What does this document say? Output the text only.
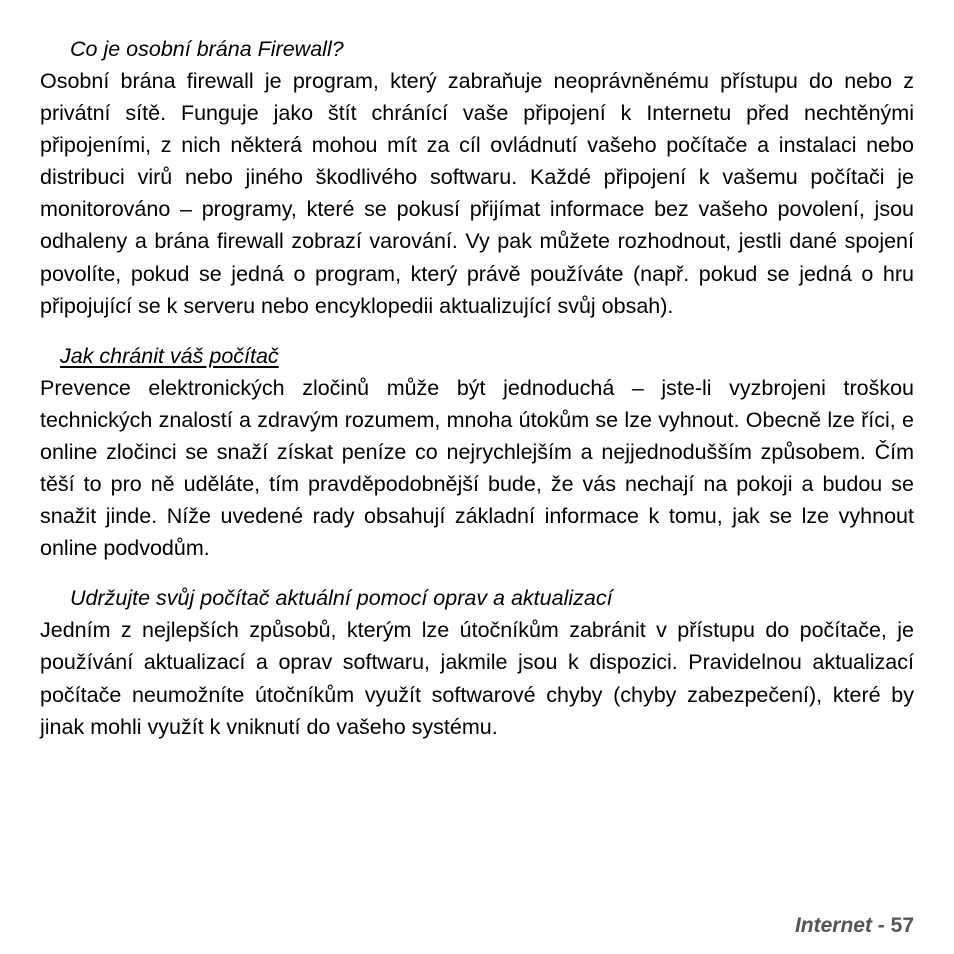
Co je osobní brána Firewall?

Osobní brána firewall je program, který zabraňuje neoprávněnému přístupu do nebo z privátní sítě. Funguje jako štít chránící vaše připojení k Internetu před nechtěnými připojeními, z nich některá mohou mít za cíl ovládnutí vašeho počítače a instalaci nebo distribuci virů nebo jiného škodlivého softwaru. Každé připojení k vašemu počítači je monitorováno – programy, které se pokusí přijímat informace bez vašeho povolení, jsou odhaleny a brána firewall zobrazí varování. Vy pak můžete rozhodnout, jestli dané spojení povolíte, pokud se jedná o program, který právě používáte (např. pokud se jedná o hru připojující se k serveru nebo encyklopedii aktualizující svůj obsah).

Jak chránit váš počítač

Prevence elektronických zločinů může být jednoduchá – jste-li vyzbrojeni troškou technických znalostí a zdravým rozumem, mnoha útokům se lze vyhnout. Obecně lze říci, e online zločinci se snaží získat peníze co nejrychlejším a nejjednodušším způsobem. Čím těší to pro ně uděláte, tím pravděpodobnější bude, že vás nechají na pokoji a budou se snažit jinde. Níže uvedené rady obsahují základní informace k tomu, jak se lze vyhnout online podvodům.

Udržujte svůj počítač aktuální pomocí oprav a aktualizací

Jedním z nejlepších způsobů, kterým lze útočníkům zabránit v přístupu do počítače, je používání aktualizací a oprav softwaru, jakmile jsou k dispozici. Pravidelnou aktualizací počítače neumožníte útočníkům využít softwarové chyby (chyby zabezpečení), které by jinak mohli využít k vniknutí do vašeho systému.

Internet - 57
